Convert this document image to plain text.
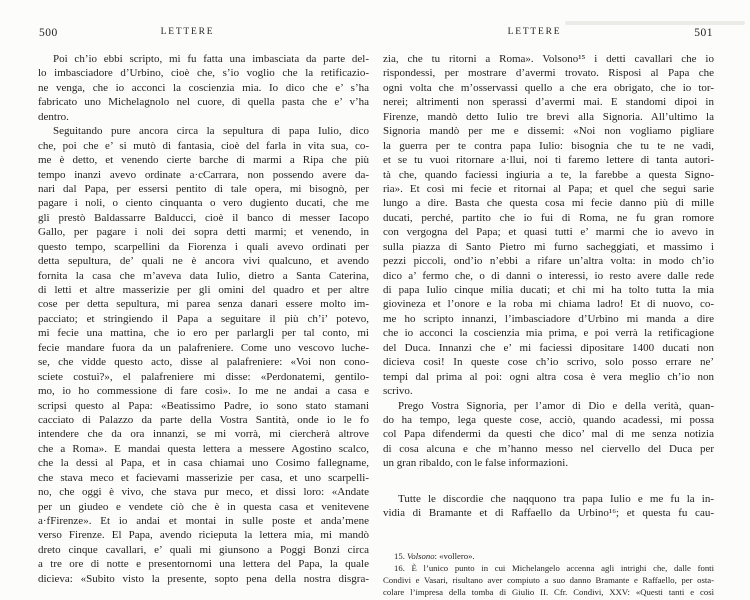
500	LETTERE
Poi ch’io ebbi scripto, mi fu fatta una imbasciata da parte del-
lo imbasciadore d’Urbino, cioè che, s’io voglio che la retificazio-
ne venga, che io acconci la coscienzia mia. Io dico che e’ s’ha
fabricato uno Michelagnolo nel cuore, di quella pasta che e’ v’ha
dentro.
Seguitando pure ancora circa la sepultura di papa Iulio, dico
che, poi che e’ si mutò di fantasia, cioè del farla in vita sua, co-
me è detto, et venendo cierte barche di marmi a Ripa che più
tempo inanzi avevo ordinate a·cCarrara, non possendo avere da-
nari dal Papa, per essersi pentito di tale opera, mi bisognò, per
pagare i noli, o ciento cinquanta o vero dugiento ducati, che me
gli prestò Baldassarre Balducci, cioè il banco di messer Iacopo
Gallo, per pagare i noli dei sopra detti marmi; et venendo, in
questo tempo, scarpellini da Fiorenza i quali avevo ordinati per
detta sepultura, de’ quali ne è ancora vivi qualcuno, et avendo
fornita la casa che m’aveva data Iulio, dietro a Santa Caterina,
di letti et altre masserizie per gli omini del quadro et per altre
cose per detta sepultura, mi parea senza danari essere molto im-
pacciato; et stringiendo il Papa a seguitare il più ch’i’ potevo,
mi fecie una mattina, che io ero per parlargli per tal conto, mi
fecie mandare fuora da un palafreniere. Come uno vescovo luche-
se, che vidde questo acto, disse al palafreniere: «Voi non cono-
sciete costui?», el palafreniere mi disse: «Perdonatemi, gentilo-
mo, io ho commessione di fare così». Io me ne andai a casa e
scripsi questo al Papa: «Beatissimo Padre, io sono stato stamani
cacciato di Palazzo da parte della Vostra Santità, onde io le fo
intendere che da ora innanzi, se mi vorrà, mi ciercherà altrove
che a Roma». E mandai questa lettera a messere Agostino scalco,
che la dessi al Papa, et in casa chiamai uno Cosimo fallegname,
che stava meco et facievami masserizie per casa, et uno scarpelli-
no, che oggi è vivo, che stava pur meco, et dissi loro: «Andate
per un giudeo e vendete ciò che è in questa casa et venitevene
a·fFirenze». Et io andai et montai in sulle poste et anda’mene
verso Firenze. El Papa, avendo ricieputa la lettera mia, mi mandò
dreto cinque cavallari, e’ quali mi giunsono a Poggi Bonzi circa
a tre ore di notte e presentornomi una lettera del Papa, la quale
dicieva: «Subito visto la presente, sopto pena della nostra disgra-
LETTERE	501
zia, che tu ritorni a Roma». Volsono¹⁵ i detti cavallari che io
rispondessi, per mostrare d’avermi trovato. Risposi al Papa che
ogni volta che m’osservassi quello a che era obrigato, che io tor-
nerei; altrimenti non sperassi d’avermi mai. E standomi dipoi in
Firenze, mandò detto Iulio tre brevi alla Signoria. All’ultimo la
Signoria mandò per me e dissemi: «Noi non vogliamo pigliare
la guerra per te contra papa Iulio: bisognia che tu te ne vadi,
et se tu vuoi ritornare a·llui, noi ti faremo lettere di tanta autori-
tà che, quando faciessi ingiuria a te, la farebbe a questa Signo-
ria». Et così mi fecie et ritornai al Papa; et quel che seguì sarie
lungo a dire. Basta che questa cosa mi fecie danno più di mille
ducati, perché, partito che io fui di Roma, ne fu gran romore
con vergogna del Papa; et quasi tutti e’ marmi che io avevo in
sulla piazza di Santo Pietro mi furno sacheggiati, et massimo i
pezzi piccoli, ond’io n’ebbi a rifare un’altra volta: in modo ch’io
dico a’ fermo che, o di danni o interessi, io resto avere dalle rede
di papa Iulio cinque milia ducati; et chi mi ha tolto tutta la mia
giovineza et l’onore e la roba mi chiama ladro! Et di nuovo, co-
me ho scripto innanzi, l’imbasciadore d’Urbino mi manda a dire
che io acconci la coscienzia mia prima, e poi verrà la retificagione
del Duca. Innanzi che e’ mi faciessi dipositare 1400 ducati non
dicieva così! In queste cose ch’io scrivo, solo posso errare ne’
tempi dal prima al poi: ogni altra cosa è vera meglio ch’io non
scrivo.
Prego Vostra Signoria, per l’amor di Dio e della verità, quan-
do ha tempo, lega queste cose, acciò, quando acadessi, mi possa
col Papa difendermi da questi che dico’ mal di me senza notizia
di cosa alcuna e che m’hanno messo nel ciervello del Duca per
un gran ribaldo, con le false informazioni.
Tutte le discordie che naqquono tra papa Iulio e me fu la in-
vidia di Bramante et di Raffaello da Urbino¹⁶; et questa fu cau-
15. Volsono: «vollero».
16. È l’unico punto in cui Michelangelo accenna agli intrighi che, dalle fonti
Condivi e Vasari, risultano aver compiuto a suo danno Bramante e Raffaello, per osta-
colare l’impresa della tomba di Giulio II. Cfr. Condivi, XXV: «Questi tanti e così
